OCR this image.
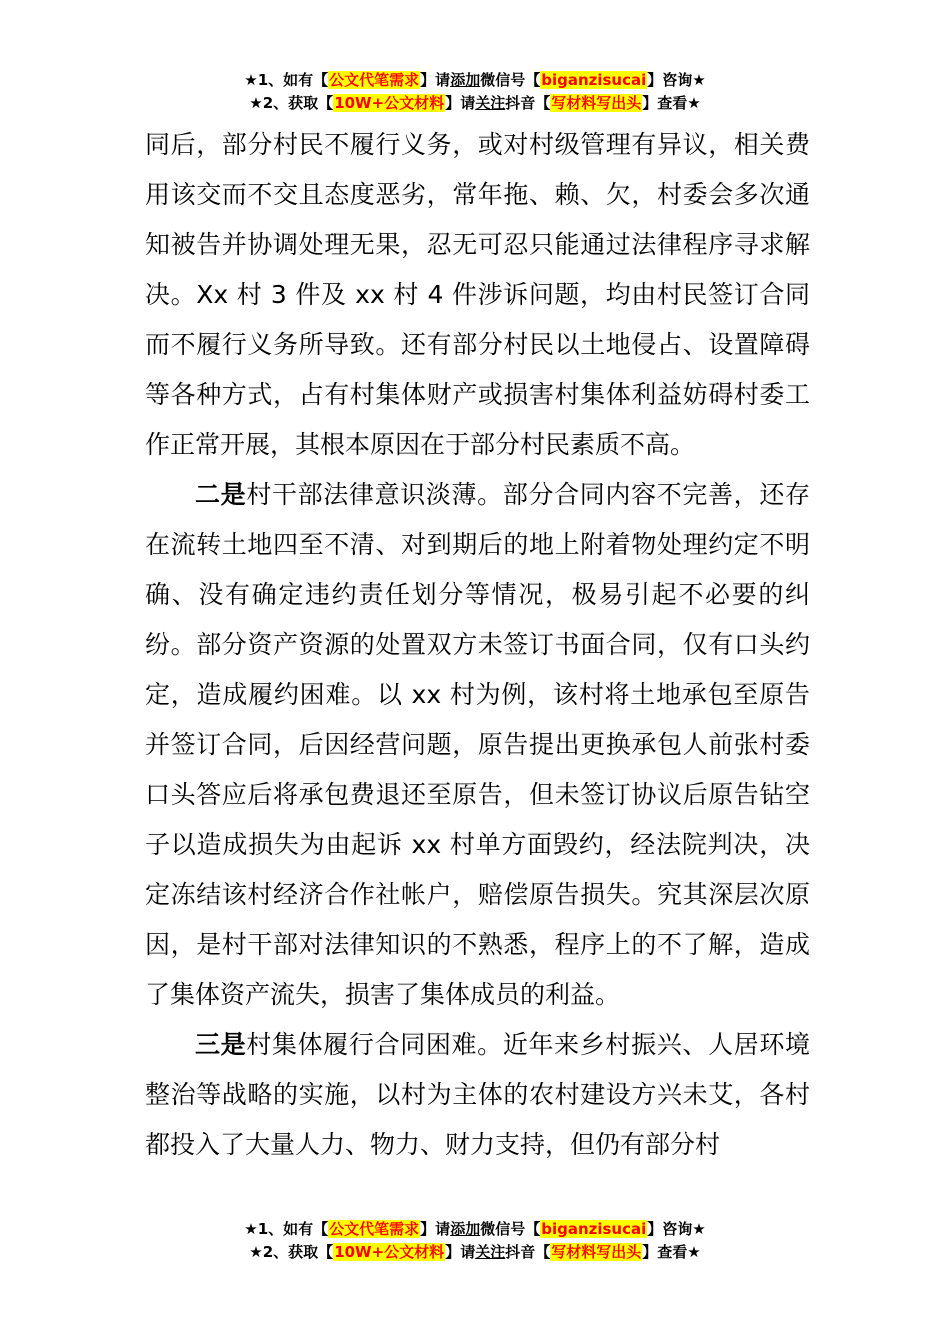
★1、如有【公文代笔需求】请添加微信号【biganzisucai】咨询★
★2、获取【10W+公文材料】请关注抖音【写材料写出头】查看★

同后，部分村民不履行义务，或对村级管理有异议，相关费用该交而不交且态度恶劣，常年拖、赖、欠，村委会多次通知被告并协调处理无果，忍无可忍只能通过法律程序寻求解决。Xx 村 3 件及 xx 村 4 件涉诉问题，均由村民签订合同而不履行义务所导致。还有部分村民以土地侵占、设置障碍等各种方式，占有村集体财产或损害村集体利益妨碍村委工作正常开展，其根本原因在于部分村民素质不高。

二是村干部法律意识淡薄。部分合同内容不完善，还存在流转土地四至不清、对到期后的地上附着物处理约定不明确、没有确定违约责任划分等情况，极易引起不必要的纠纷。部分资产资源的处置双方未签订书面合同，仅有口头约定，造成履约困难。以 xx 村为例，该村将土地承包至原告并签订合同，后因经营问题，原告提出更换承包人前张村委口头答应后将承包费退还至原告，但未签订协议后原告钻空子以造成损失为由起诉 xx 村单方面毁约，经法院判决，决定冻结该村经济合作社帐户，赔偿原告损失。究其深层次原因，是村干部对法律知识的不熟悉，程序上的不了解，造成了集体资产流失，损害了集体成员的利益。

三是村集体履行合同困难。近年来乡村振兴、人居环境整治等战略的实施，以村为主体的农村建设方兴未艾，各村都投入了大量人力、物力、财力支持，但仍有部分村

★1、如有【公文代笔需求】请添加微信号【biganzisucai】咨询★
★2、获取【10W+公文材料】请关注抖音【写材料写出头】查看★
